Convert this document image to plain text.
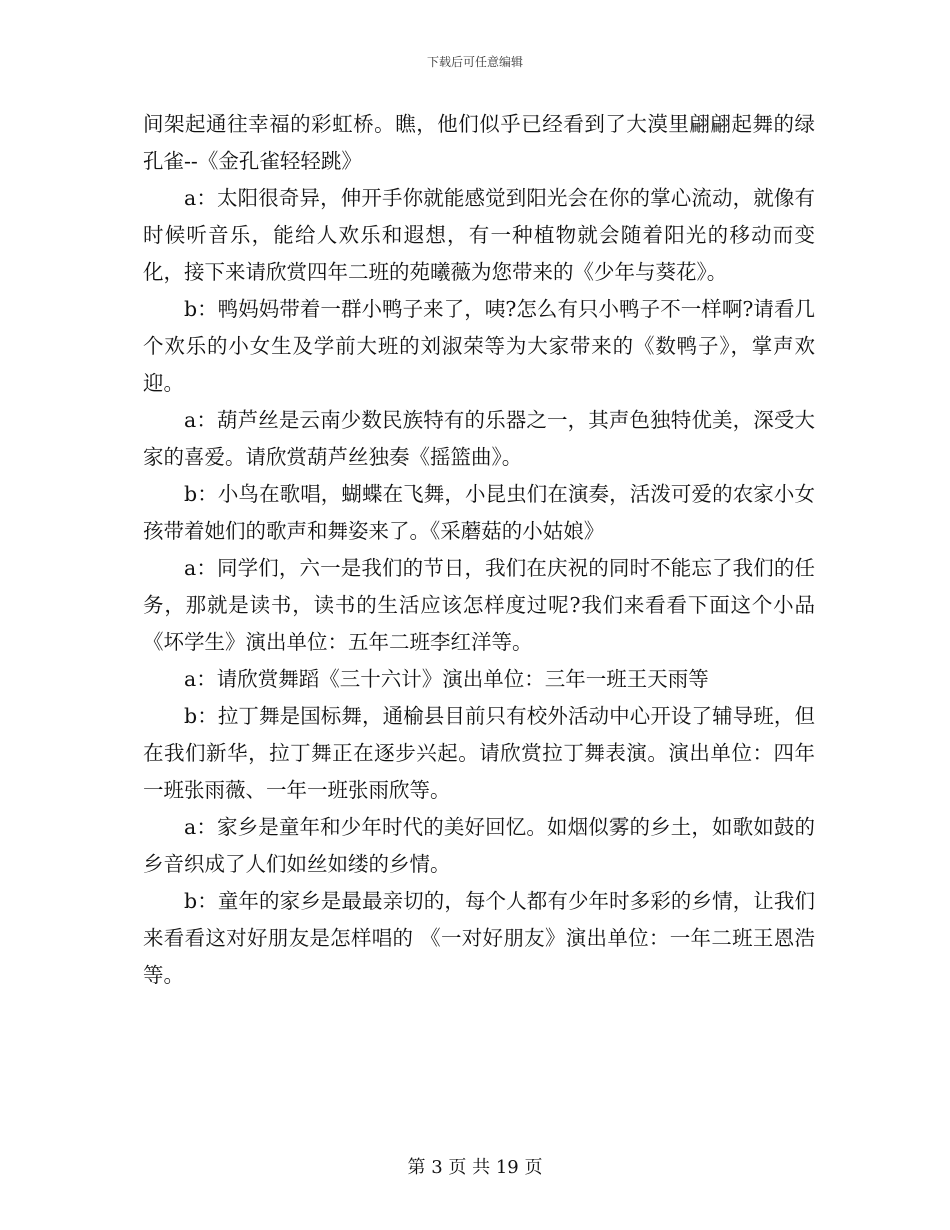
下载后可任意编辑

间架起通往幸福的彩虹桥。瞧，他们似乎已经看到了大漠里翩翩起舞的绿孔雀--《金孔雀轻轻跳》

a：太阳很奇异，伸开手你就能感觉到阳光会在你的掌心流动，就像有时候听音乐，能给人欢乐和遐想，有一种植物就会随着阳光的移动而变化，接下来请欣赏四年二班的苑曦薇为您带来的《少年与葵花》。

b：鸭妈妈带着一群小鸭子来了，咦?怎么有只小鸭子不一样啊?请看几个欢乐的小女生及学前大班的刘淑荣等为大家带来的《数鸭子》，掌声欢迎。

a：葫芦丝是云南少数民族特有的乐器之一，其声色独特优美，深受大家的喜爱。请欣赏葫芦丝独奏《摇篮曲》。

b：小鸟在歌唱，蝴蝶在飞舞，小昆虫们在演奏，活泼可爱的农家小女孩带着她们的歌声和舞姿来了。《采蘑菇的小姑娘》

a：同学们，六一是我们的节日，我们在庆祝的同时不能忘了我们的任务，那就是读书，读书的生活应该怎样度过呢?我们来看看下面这个小品《坏学生》演出单位：五年二班李红洋等。

a：请欣赏舞蹈《三十六计》演出单位：三年一班王天雨等

b：拉丁舞是国标舞，通榆县目前只有校外活动中心开设了辅导班，但在我们新华，拉丁舞正在逐步兴起。请欣赏拉丁舞表演。演出单位：四年一班张雨薇、一年一班张雨欣等。

a：家乡是童年和少年时代的美好回忆。如烟似雾的乡土，如歌如鼓的乡音织成了人们如丝如缕的乡情。

b：童年的家乡是最最亲切的，每个人都有少年时多彩的乡情，让我们来看看这对好朋友是怎样唱的 《一对好朋友》演出单位：一年二班王恩浩等。

第 3 页 共 19 页
